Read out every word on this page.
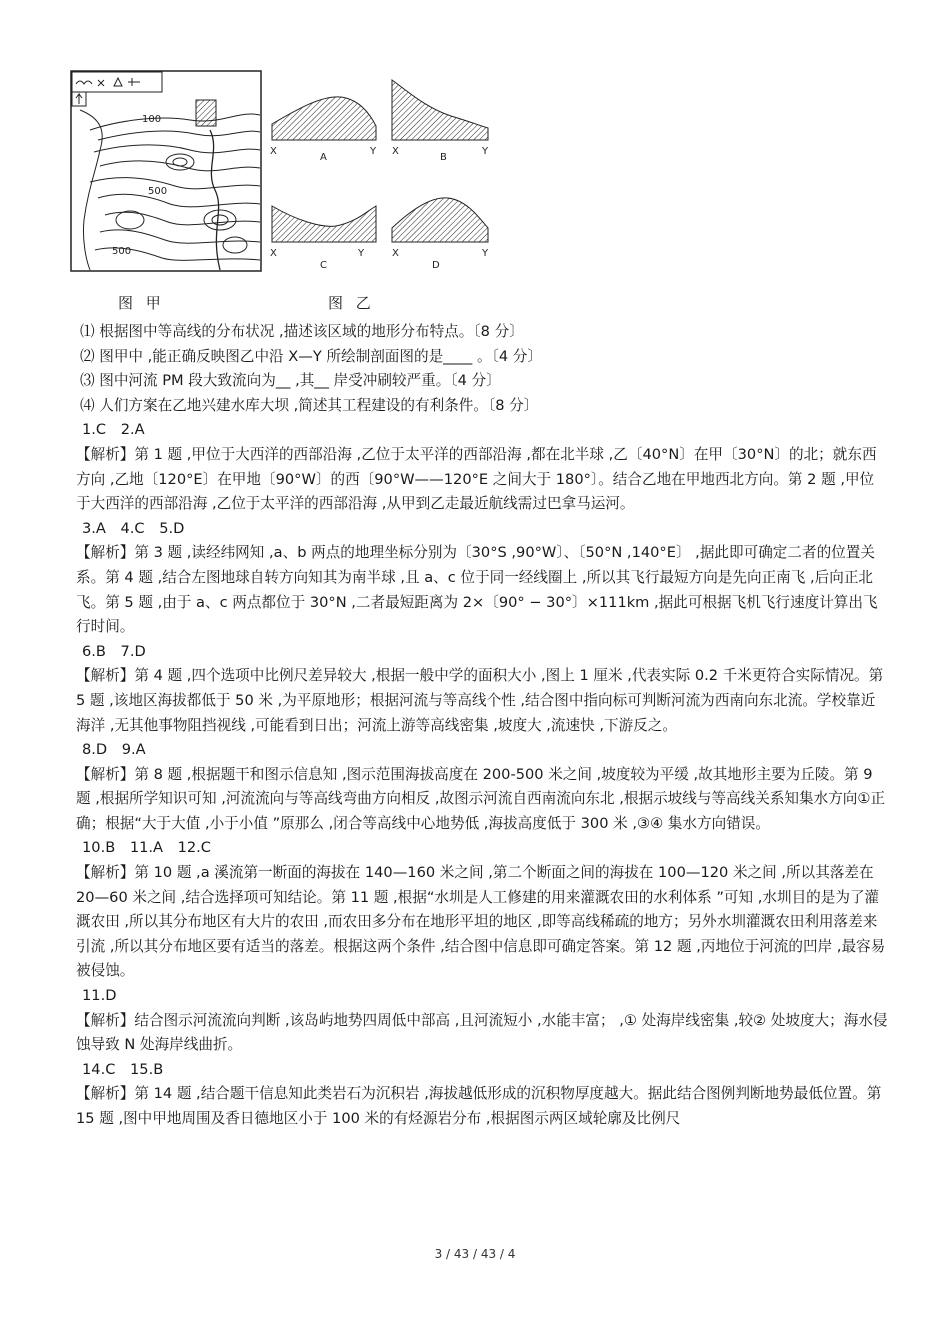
100
500
500
X
A
Y X
B
Y
X
C
Y	X
D
Y
图 甲	图 乙

⑴ 根据图中等高线的分布状况 ,描述该区域的地形分布特点。〔8 分〕

⑵ 图甲中 ,能正确反映图乙中沿 X—Y 所绘制剖面图的是____ 。〔4 分〕

⑶ 图中河流 PM 段大致流向为__ ,其__ 岸受冲刷较严重。〔4 分〕

⑷ 人们方案在乙地兴建水库大坝 ,简述其工程建设的有利条件。〔8 分〕

1.C　2.A

【解析】第 1 题 ,甲位于大西洋的西部沿海 ,乙位于太平洋的西部沿海 ,都在北半球 ,乙〔40°N〕在甲〔30°N〕的北；就东西方向 ,乙地〔120°E〕在甲地〔90°W〕的西〔90°W——120°E 之间大于 180°〕。结合乙地在甲地西北方向。第 2 题 ,甲位于大西洋的西部沿海 ,乙位于太平洋的西部沿海 ,从甲到乙走最近航线需过巴拿马运河。

3.A　4.C　5.D

【解析】第 3 题 ,读经纬网知 ,a、b 两点的地理坐标分别为〔30°S ,90°W〕、〔50°N ,140°E〕 ,据此即可确定二者的位置关系。第 4 题 ,结合左图地球自转方向知其为南半球 ,且 a、c 位于同一经线圈上 ,所以其飞行最短方向是先向正南飞 ,后向正北飞。第 5 题 ,由于 a、c 两点都位于 30°N ,二者最短距离为 2×〔90° − 30°〕×111km ,据此可根据飞机飞行速度计算出飞行时间。

6.B　7.D

【解析】第 4 题 ,四个选项中比例尺差异较大 ,根据一般中学的面积大小 ,图上 1 厘米 ,代表实际 0.2 千米更符合实际情况。第 5 题 ,该地区海拔都低于 50 米 ,为平原地形；根据河流与等高线个性 ,结合图中指向标可判断河流为西南向东北流。学校靠近海洋 ,无其他事物阻挡视线 ,可能看到日出；河流上游等高线密集 ,坡度大 ,流速快 ,下游反之。

8.D　9.A

【解析】第 8 题 ,根据题干和图示信息知 ,图示范围海拔高度在 200-500 米之间 ,坡度较为平缓 ,故其地形主要为丘陵。第 9 题 ,根据所学知识可知 ,河流流向与等高线弯曲方向相反 ,故图示河流自西南流向东北 ,根据示坡线与等高线关系知集水方向①正确；根据“大于大值 ,小于小值 ”原那么 ,闭合等高线中心地势低 ,海拔高度低于 300 米 ,③④ 集水方向错误。

10.B　11.A　12.C

【解析】第 10 题 ,a 溪流第一断面的海拔在 140—160 米之间 ,第二个断面之间的海拔在 100—120 米之间 ,所以其落差在 20—60 米之间 ,结合选择项可知结论。第 11 题 ,根据“水圳是人工修建的用来灌溉农田的水利体系 ”可知 ,水圳目的是为了灌溉农田 ,所以其分布地区有大片的农田 ,而农田多分布在地形平坦的地区 ,即等高线稀疏的地方；另外水圳灌溉农田利用落差来引流 ,所以其分布地区要有适当的落差。根据这两个条件 ,结合图中信息即可确定答案。第 12 题 ,丙地位于河流的凹岸 ,最容易被侵蚀。

11.D

【解析】结合图示河流流向判断 ,该岛屿地势四周低中部高 ,且河流短小 ,水能丰富； ,① 处海岸线密集 ,较② 处坡度大；海水侵蚀导致 N 处海岸线曲折。

14.C　15.B

【解析】第 14 题 ,结合题干信息知此类岩石为沉积岩 ,海拔越低形成的沉积物厚度越大。据此结合图例判断地势最低位置。第 15 题 ,图中甲地周围及香日德地区小于 100 米的有烃源岩分布 ,根据图示两区域轮廓及比例尺

3 / 43 / 43 / 4
